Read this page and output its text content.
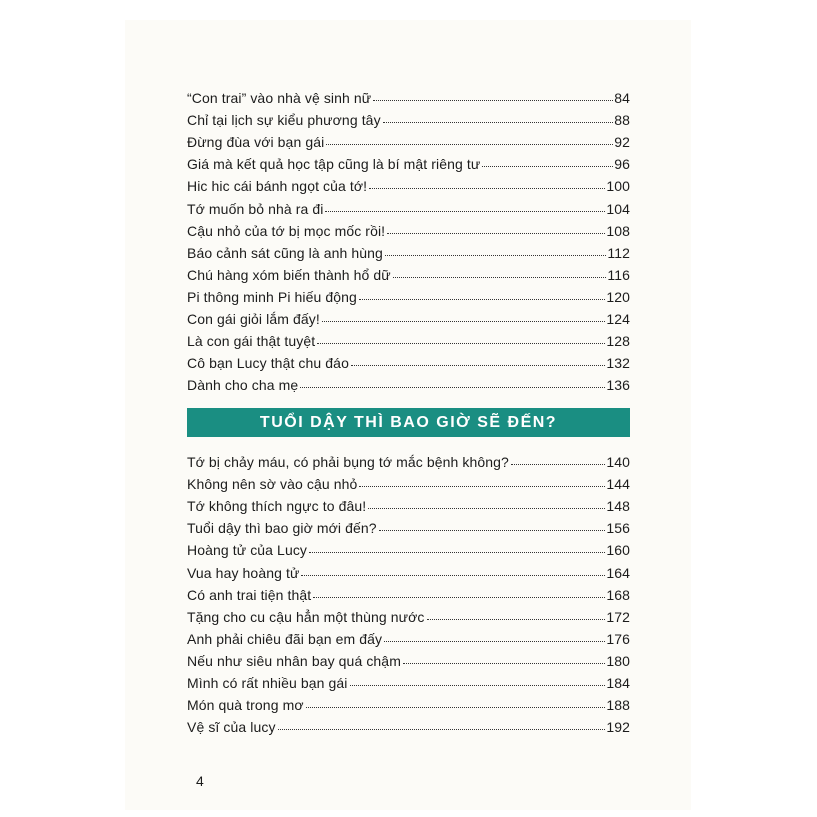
“Con trai” vào nhà vệ sinh nữ	84
Chỉ tại lịch sự kiểu phương tây	88
Đừng đùa với bạn gái	92
Giá mà kết quả học tập cũng là bí mật riêng tư	96
Hic hic cái bánh ngọt của tớ!	100
Tớ muốn bỏ nhà ra đi	104
Cậu nhỏ của tớ bị mọc mốc rồi!	108
Báo cảnh sát cũng là anh hùng	112
Chú hàng xóm biến thành hổ dữ	116
Pi thông minh Pi hiếu động	120
Con gái giỏi lắm đấy!	124
Là con gái thật tuyệt	128
Cô bạn Lucy thật chu đáo	132
Dành cho cha mẹ	136
TUỔI DẬY THÌ BAO GIỜ SẼ ĐẾN?
Tớ bị chảy máu, có phải bụng tớ mắc bệnh không?	140
Không nên sờ vào cậu nhỏ	144
Tớ không thích ngực to đâu!	148
Tuổi dậy thì bao giờ mới đến?	156
Hoàng tử của Lucy	160
Vua hay hoàng tử	164
Có anh trai tiện thật	168
Tặng cho cu cậu hẳn một thùng nước	172
Anh phải chiêu đãi bạn em đấy	176
Nếu như siêu nhân bay quá chậm	180
Mình có rất nhiều bạn gái	184
Món quà trong mơ	188
Vệ sĩ của lucy	192
4
